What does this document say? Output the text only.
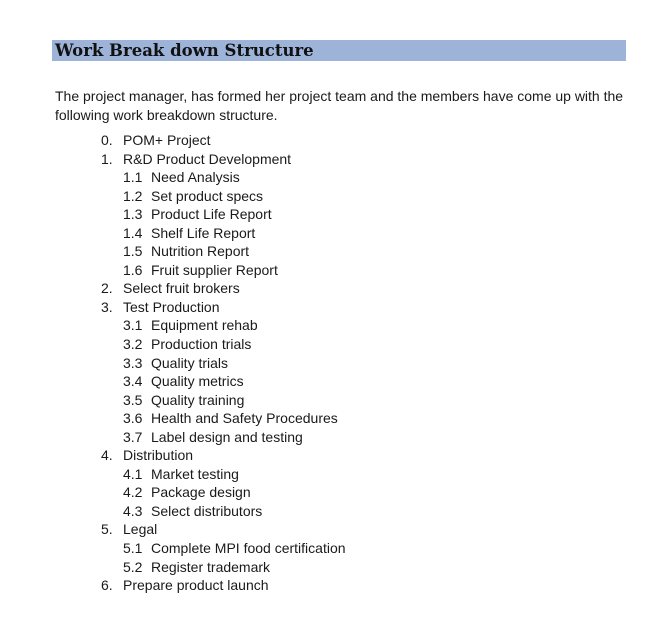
Work Break down Structure
The project manager, has formed her project team and the members have come up with the following work breakdown structure.
0. POM+ Project
1. R&D Product Development
1.1 Need Analysis
1.2 Set product specs
1.3 Product Life Report
1.4 Shelf Life Report
1.5 Nutrition Report
1.6 Fruit supplier Report
2. Select fruit brokers
3. Test Production
3.1 Equipment rehab
3.2 Production trials
3.3 Quality trials
3.4 Quality metrics
3.5 Quality training
3.6 Health and Safety Procedures
3.7 Label design and testing
4. Distribution
4.1 Market testing
4.2 Package design
4.3 Select distributors
5. Legal
5.1 Complete MPI food certification
5.2 Register trademark
6. Prepare product launch
